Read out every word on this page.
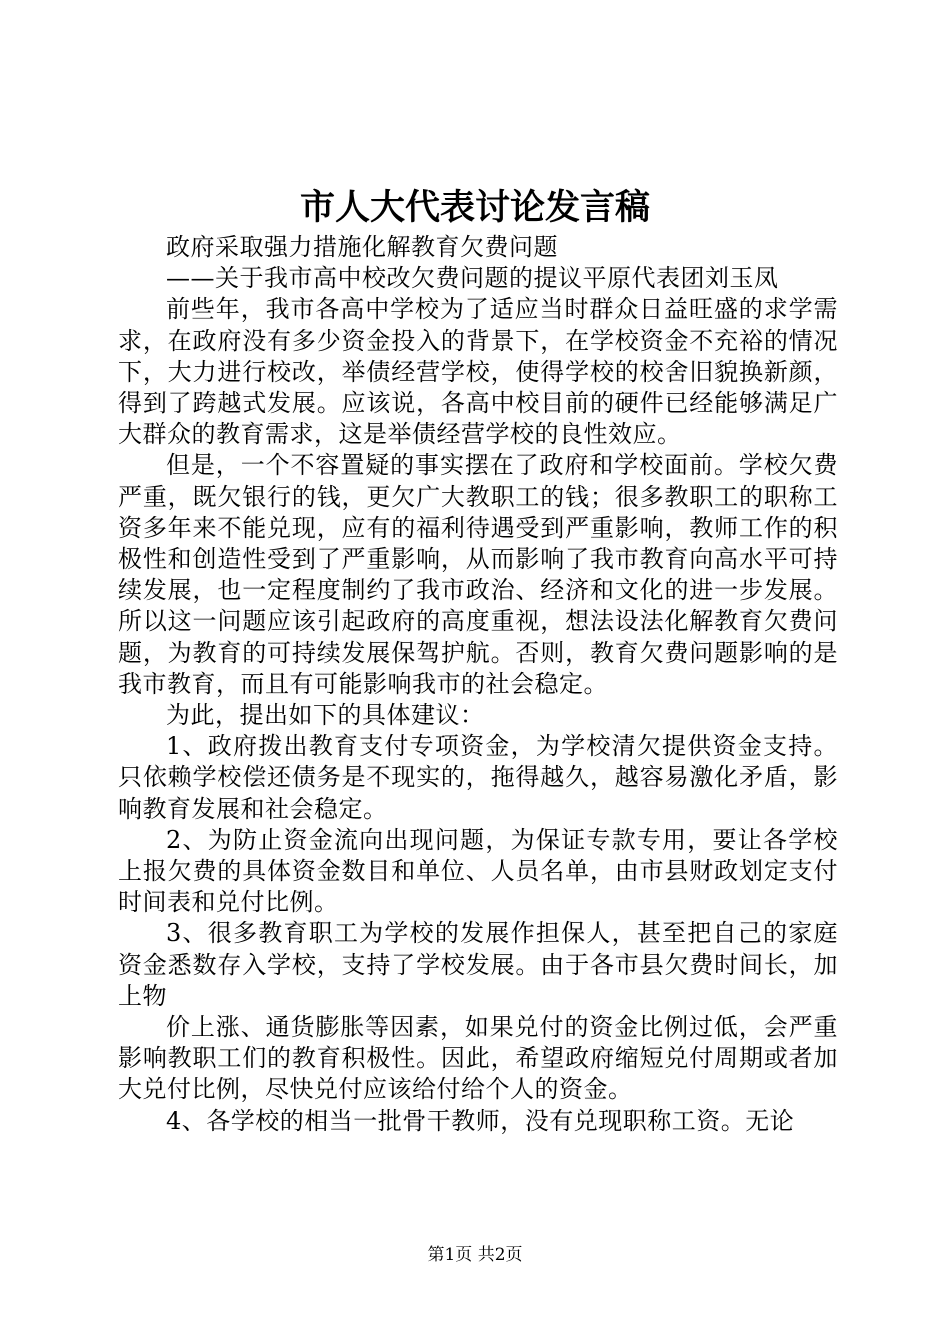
市人大代表讨论发言稿

政府采取强力措施化解教育欠费问题

——关于我市高中校改欠费问题的提议平原代表团刘玉凤

前些年，我市各高中学校为了适应当时群众日益旺盛的求学需求，在政府没有多少资金投入的背景下，在学校资金不充裕的情况下，大力进行校改，举债经营学校，使得学校的校舍旧貌换新颜，得到了跨越式发展。应该说，各高中校目前的硬件已经能够满足广大群众的教育需求，这是举债经营学校的良性效应。

但是，一个不容置疑的事实摆在了政府和学校面前。学校欠费严重，既欠银行的钱，更欠广大教职工的钱；很多教职工的职称工资多年来不能兑现，应有的福利待遇受到严重影响，教师工作的积极性和创造性受到了严重影响，从而影响了我市教育向高水平可持续发展，也一定程度制约了我市政治、经济和文化的进一步发展。所以这一问题应该引起政府的高度重视，想法设法化解教育欠费问题，为教育的可持续发展保驾护航。否则，教育欠费问题影响的是我市教育，而且有可能影响我市的社会稳定。

为此，提出如下的具体建议：

1、政府拨出教育支付专项资金，为学校清欠提供资金支持。只依赖学校偿还债务是不现实的，拖得越久，越容易激化矛盾，影响教育发展和社会稳定。

2、为防止资金流向出现问题，为保证专款专用，要让各学校上报欠费的具体资金数目和单位、人员名单，由市县财政划定支付时间表和兑付比例。

3、很多教育职工为学校的发展作担保人，甚至把自己的家庭资金悉数存入学校，支持了学校发展。由于各市县欠费时间长，加上物

价上涨、通货膨胀等因素，如果兑付的资金比例过低，会严重影响教职工们的教育积极性。因此，希望政府缩短兑付周期或者加大兑付比例，尽快兑付应该给付给个人的资金。

4、各学校的相当一批骨干教师，没有兑现职称工资。无论

第1页 共2页
